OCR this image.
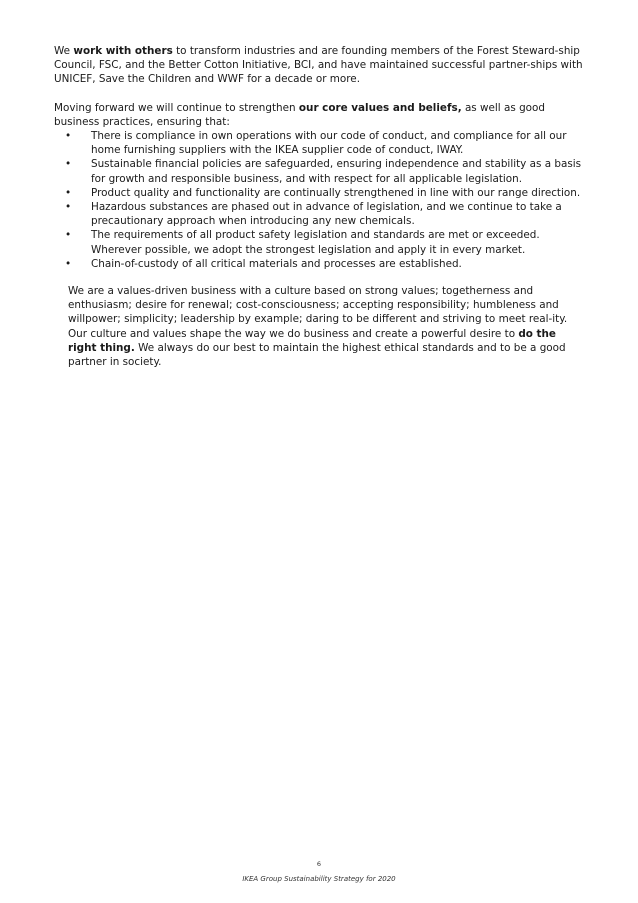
We work with others to transform industries and are founding members of the Forest Steward-ship Council, FSC, and the Better Cotton Initiative, BCI, and have maintained successful partner-ships with UNICEF, Save the Children and WWF for a decade or more.

Moving forward we will continue to strengthen our core values and beliefs, as well as good business practices, ensuring that:

• There is compliance in own operations with our code of conduct, and compliance for all our home furnishing suppliers with the IKEA supplier code of conduct, IWAY.
• Sustainable financial policies are safeguarded, ensuring independence and stability as a basis for growth and responsible business, and with respect for all applicable legislation.
• Product quality and functionality are continually strengthened in line with our range direction.
• Hazardous substances are phased out in advance of legislation, and we continue to take a precautionary approach when introducing any new chemicals.
• The requirements of all product safety legislation and standards are met or exceeded. Wherever possible, we adopt the strongest legislation and apply it in every market.
• Chain-of-custody of all critical materials and processes are established.

We are a values-driven business with a culture based on strong values; togetherness and enthusiasm; desire for renewal; cost-consciousness; accepting responsibility; humbleness and willpower; simplicity; leadership by example; daring to be different and striving to meet real-ity. Our culture and values shape the way we do business and create a powerful desire to do the right thing. We always do our best to maintain the highest ethical standards and to be a good partner in society.

6
IKEA Group Sustainability Strategy for 2020
